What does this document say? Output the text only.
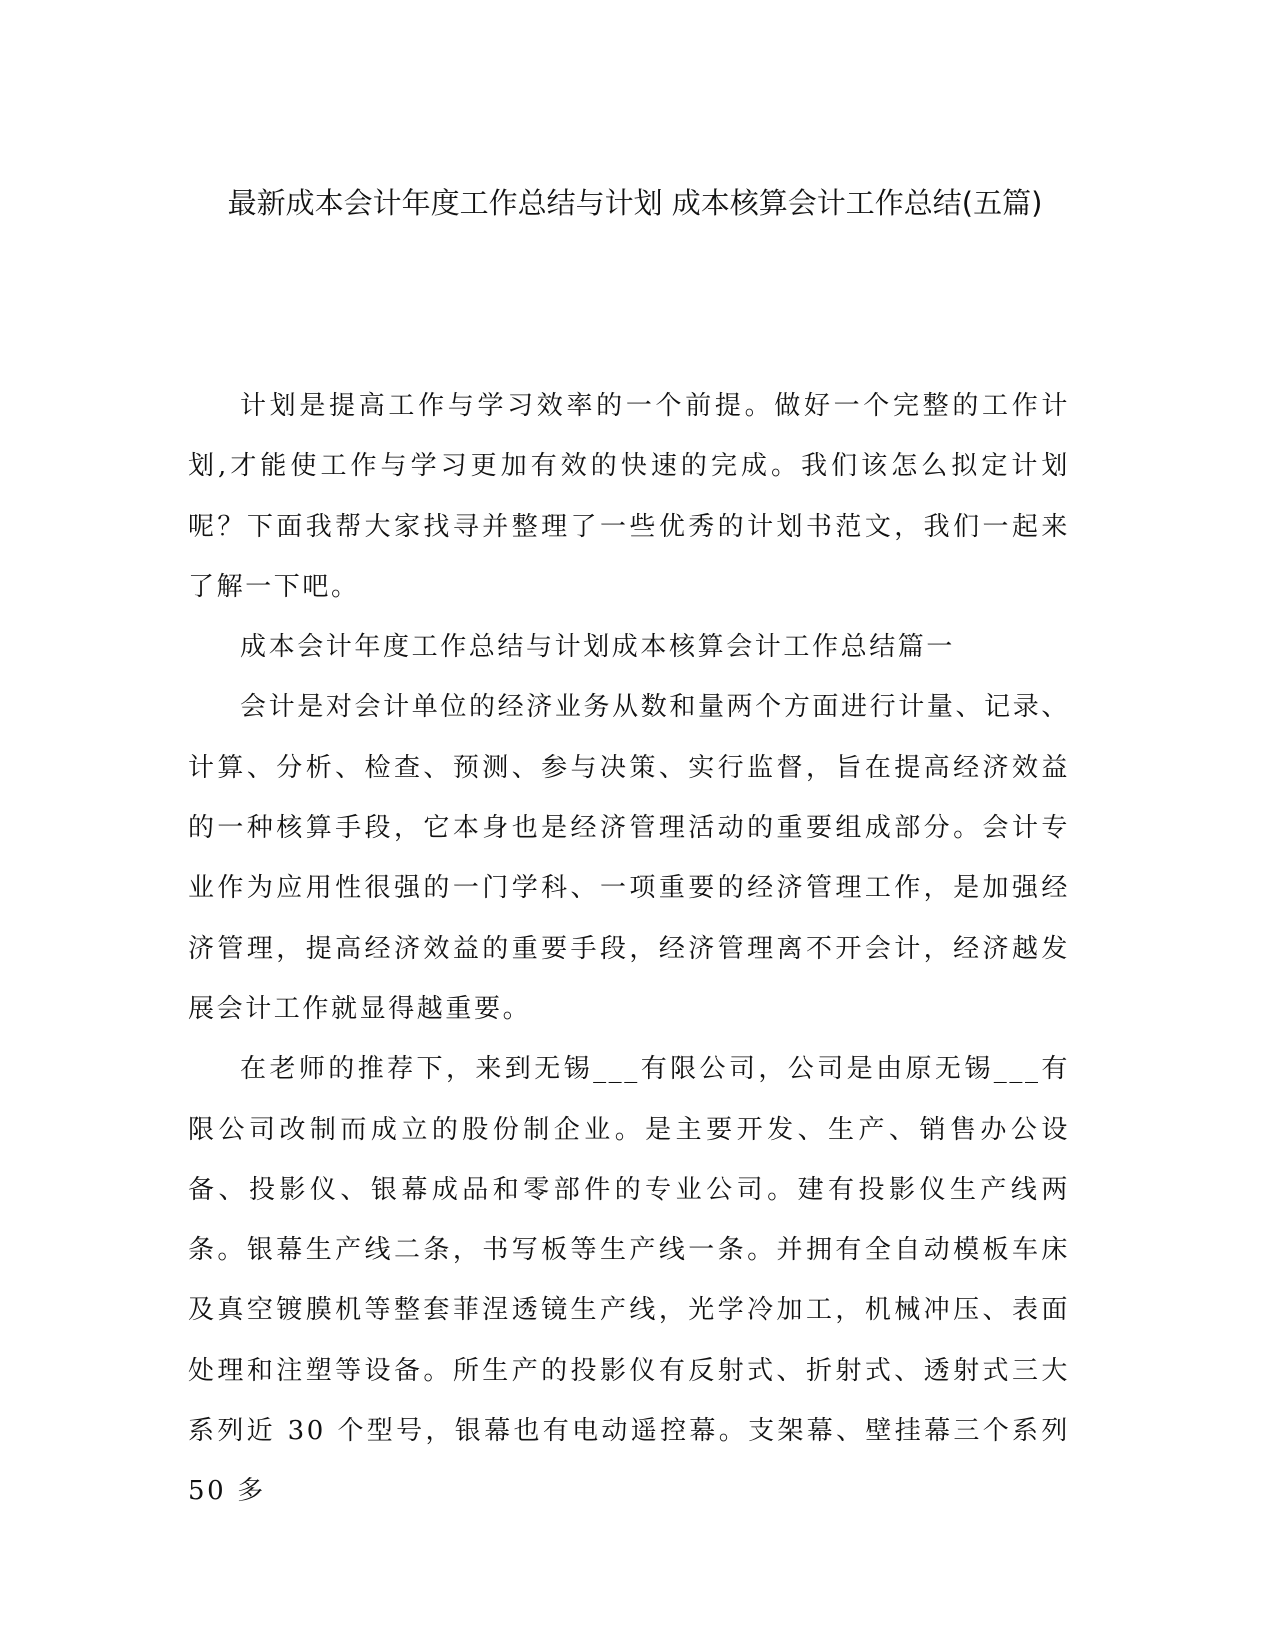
最新成本会计年度工作总结与计划 成本核算会计工作总结(五篇)

计划是提高工作与学习效率的一个前提。做好一个完整的工作计划,才能使工作与学习更加有效的快速的完成。我们该怎么拟定计划呢？下面我帮大家找寻并整理了一些优秀的计划书范文，我们一起来了解一下吧。

成本会计年度工作总结与计划成本核算会计工作总结篇一

会计是对会计单位的经济业务从数和量两个方面进行计量、记录、计算、分析、检查、预测、参与决策、实行监督，旨在提高经济效益的一种核算手段，它本身也是经济管理活动的重要组成部分。会计专业作为应用性很强的一门学科、一项重要的经济管理工作，是加强经济管理，提高经济效益的重要手段，经济管理离不开会计，经济越发展会计工作就显得越重要。

在老师的推荐下，来到无锡___有限公司，公司是由原无锡___有限公司改制而成立的股份制企业。是主要开发、生产、销售办公设备、投影仪、银幕成品和零部件的专业公司。建有投影仪生产线两条。银幕生产线二条，书写板等生产线一条。并拥有全自动模板车床及真空镀膜机等整套菲涅透镜生产线，光学冷加工，机械冲压、表面处理和注塑等设备。所生产的投影仪有反射式、折射式、透射式三大系列近 30 个型号，银幕也有电动遥控幕。支架幕、壁挂幕三个系列 50 多
